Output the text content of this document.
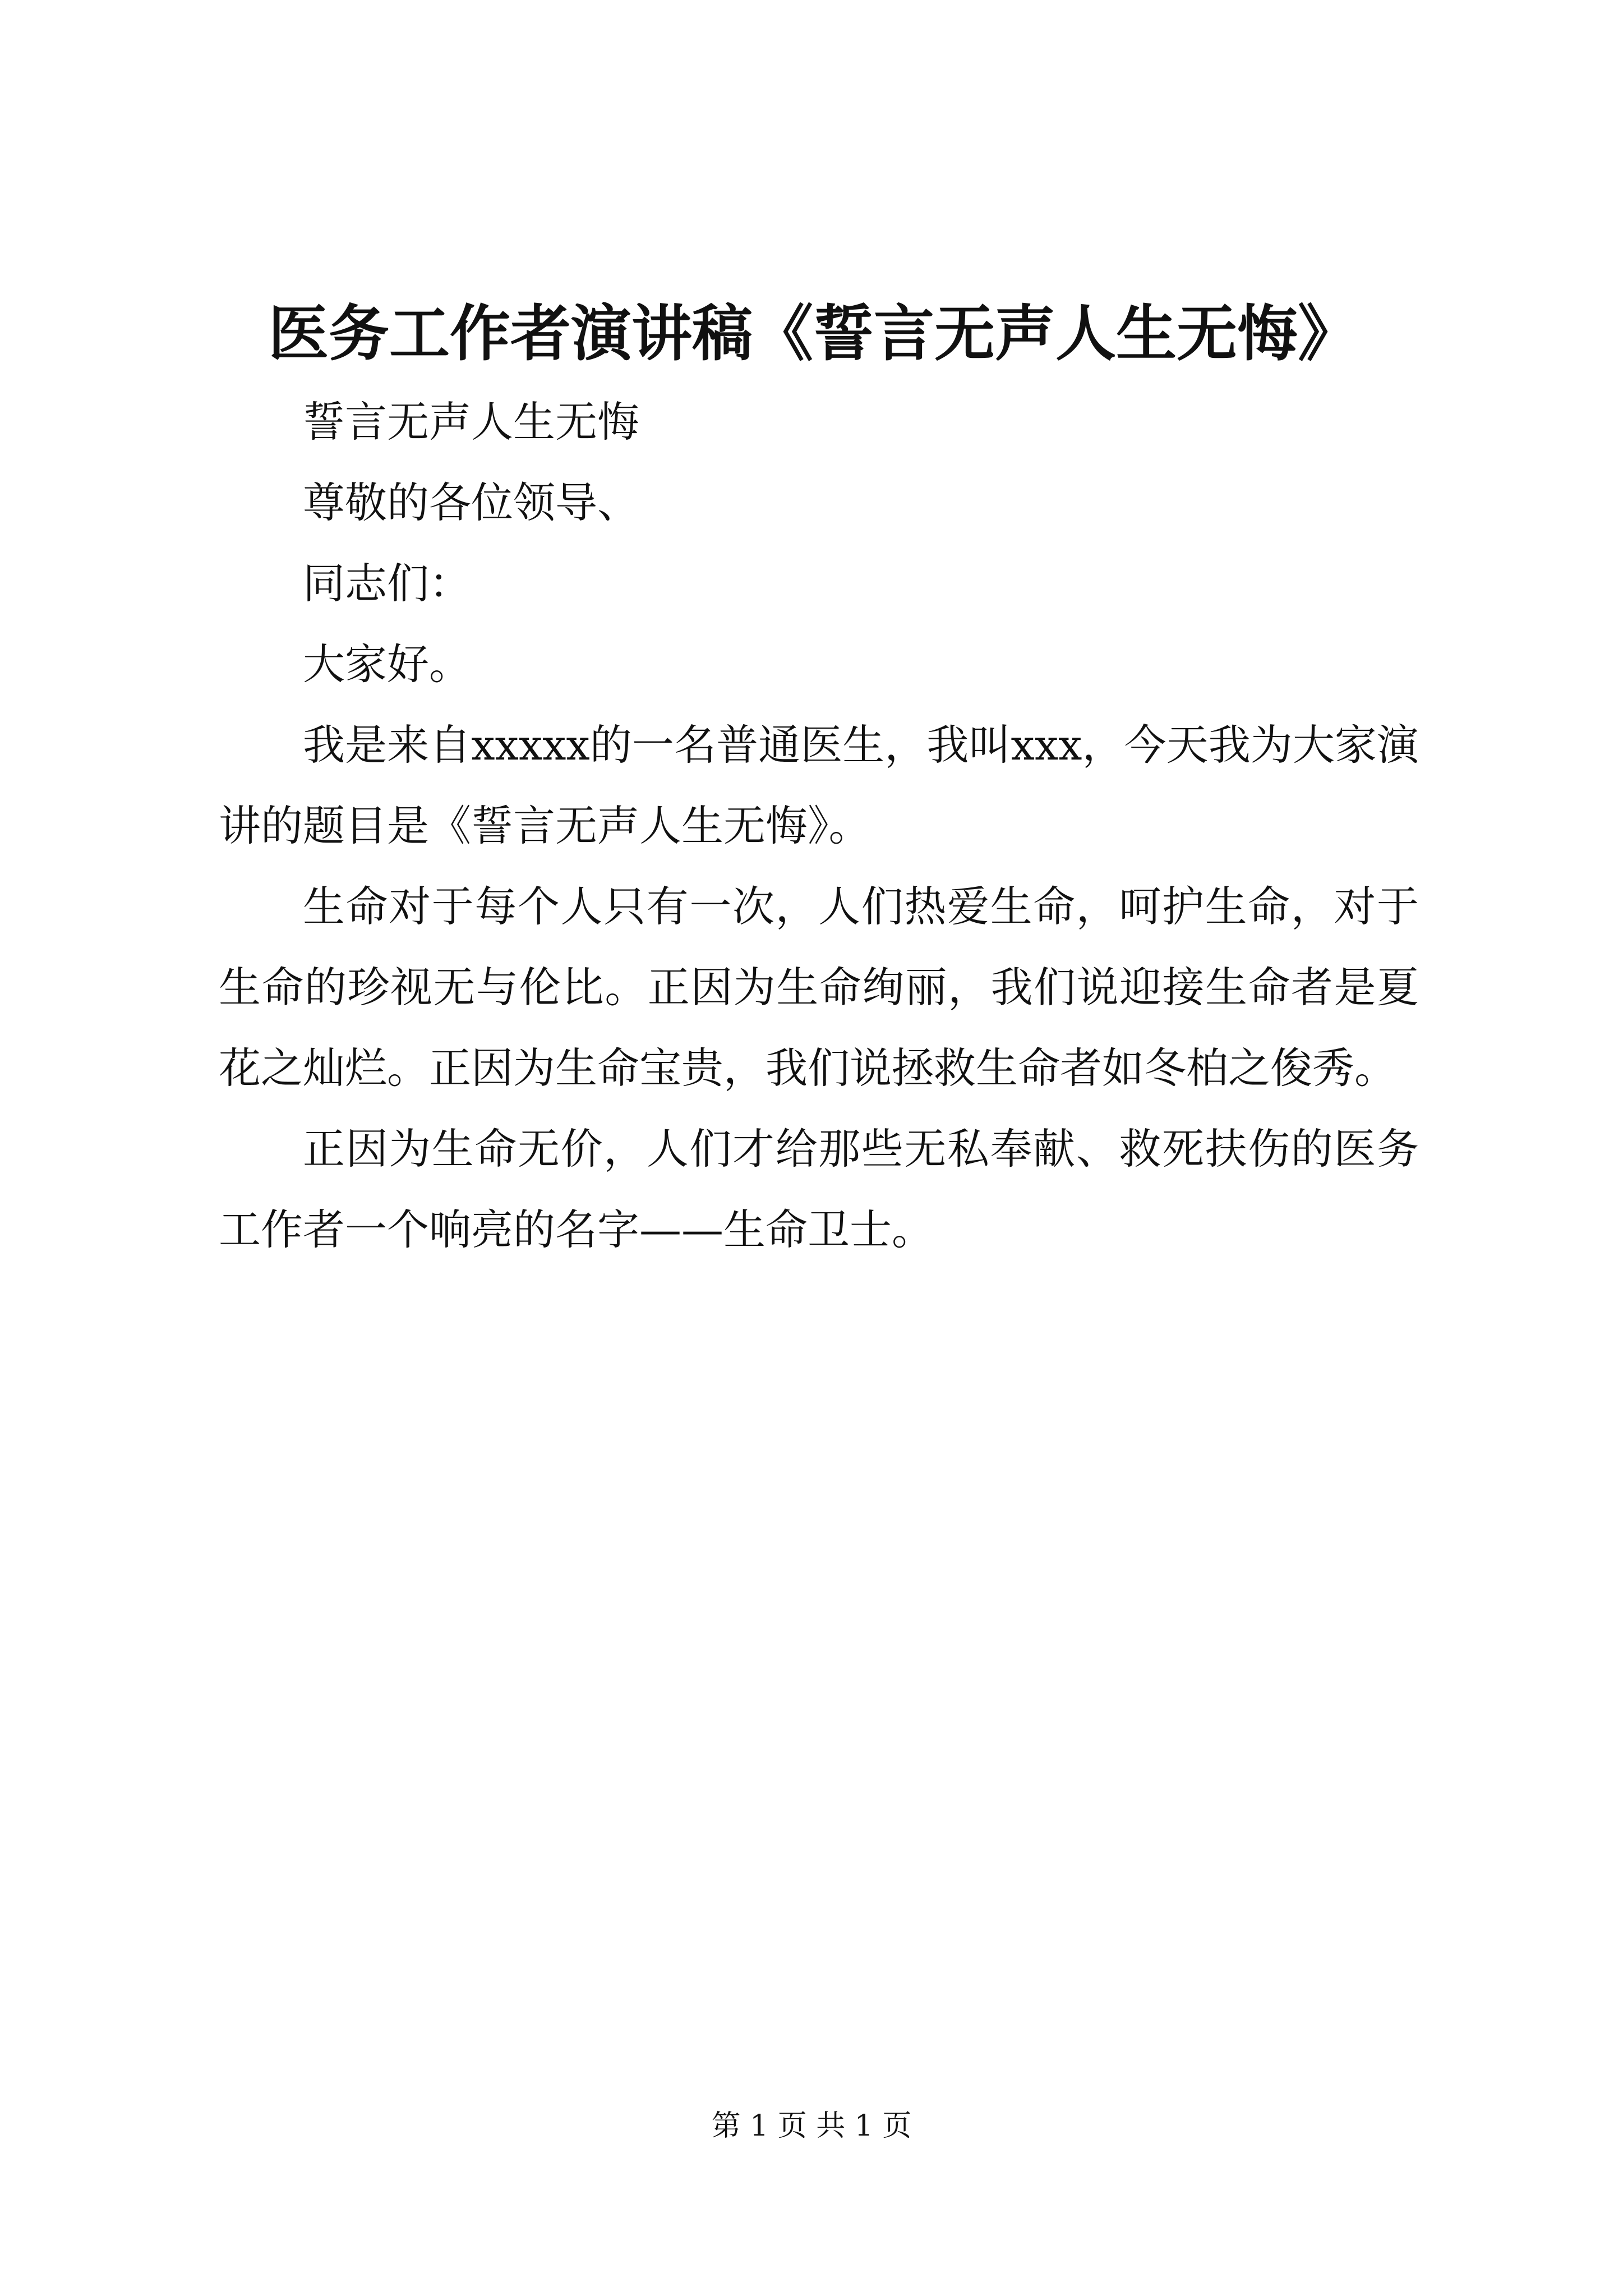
医务工作者演讲稿《誓言无声人生无悔》

誓言无声人生无悔

尊敬的各位领导、

同志们：

大家好。

我是来自xxxxx的一名普通医生，我叫xxx，今天我为大家演讲的题目是《誓言无声人生无悔》。

生命对于每个人只有一次，人们热爱生命，呵护生命，对于生命的珍视无与伦比。正因为生命绚丽，我们说迎接生命者是夏花之灿烂。正因为生命宝贵，我们说拯救生命者如冬柏之俊秀。

正因为生命无价，人们才给那些无私奉献、救死扶伤的医务工作者一个响亮的名字——生命卫士。

第 1 页 共 1 页
